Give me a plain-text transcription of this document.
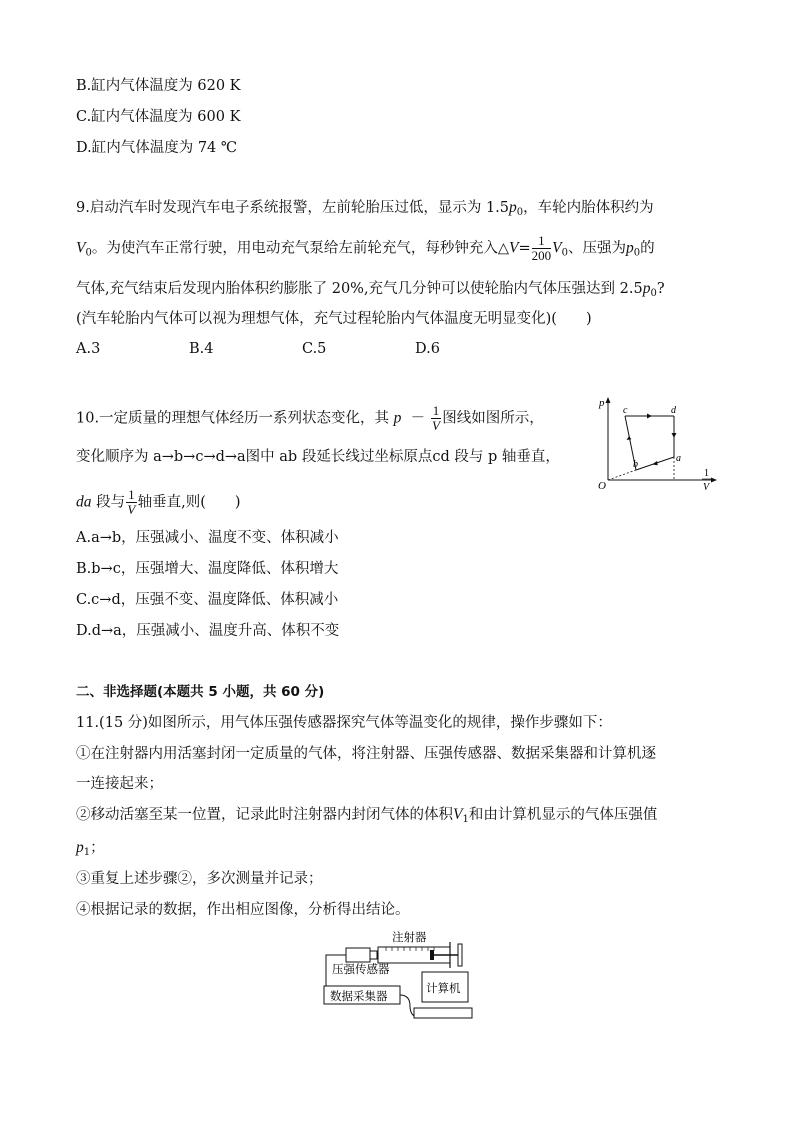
B.缸内气体温度为 620 K
C.缸内气体温度为 600 K
D.缸内气体温度为 74 ℃
9.启动汽车时发现汽车电子系统报警，左前轮胎压过低，显示为 $1.5p_0$，车轮内胎体积约为
$V_0$。为使汽车正常行驶，用电动充气泵给左前轮充气，每秒钟充入△V= $\frac{1}{200} V_0$、压强为$p_0$的
气体,充气结束后发现内胎体积约膨胀了 20%,充气几分钟可以使轮胎内气体压强达到 $2.5p_0$?
(汽车轮胎内气体可以视为理想气体，充气过程轮胎内气体温度无明显变化)(　　)
A.3	B.4	C.5	D.6
10.一定质量的理想气体经历一系列状态变化，其 $p - \frac{1}{V}$ 图线如图所示，
变化顺序为 a→b→c→d→a图中 ab 段延长线过坐标原点cd 段与 p 轴垂直，
da 段与 $\frac{1}{V}$ 轴垂直,则(　　)
A.a→b，压强减小、温度不变、体积减小
B.b→c，压强增大、温度降低、体积增大
C.c→d，压强不变、温度降低、体积减小
D.d→a，压强减小、温度升高、体积不变
p
O
a
b
c	d
1
V
二、非选择题(本题共 5 小题，共 60 分)
11.(15 分)如图所示，用气体压强传感器探究气体等温变化的规律，操作步骤如下：
①在注射器内用活塞封闭一定质量的气体，将注射器、压强传感器、数据采集器和计算机逐
一连接起来；
②移动活塞至某一位置，记录此时注射器内封闭气体的体积$V_1$和由计算机显示的气体压强值
$p_1$；
③重复上述步骤②，多次测量并记录；
④根据记录的数据，作出相应图像，分析得出结论。
注射器
压强传感器
数据采集器
计算机
